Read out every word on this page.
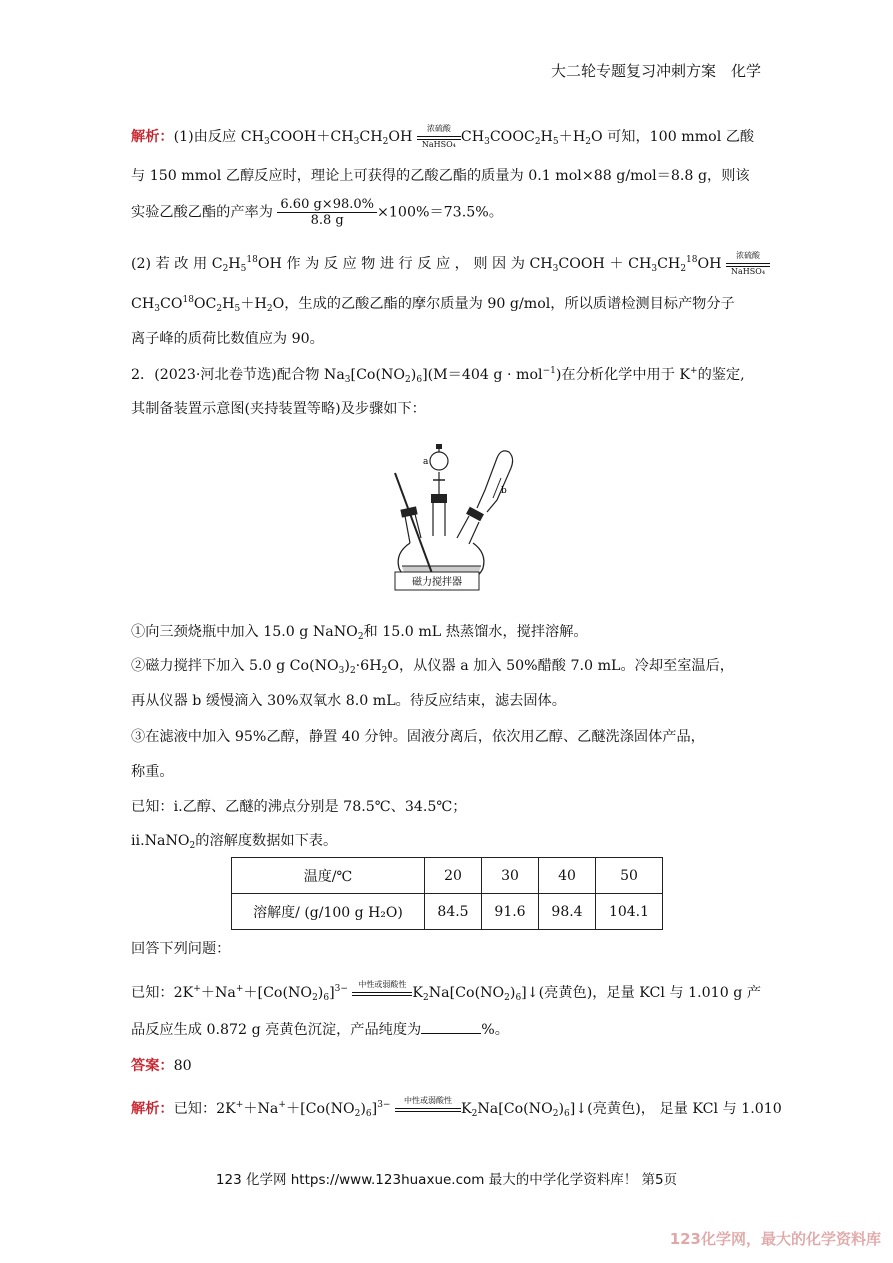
大二轮专题复习冲刺方案　化学
解析：(1)由反应 $CH_3COOH+CH_3CH_2OH$
浓硫酸
NaHSO₄ $CH_3COOC_2H_5+H_2O$ 可知，100 mmol 乙酸
与 150 mmol 乙醇反应时，理论上可获得的乙酸乙酯的质量为 0.1 mol×88 g/mol＝8.8 g，则该
实验乙酸乙酯的产率为 $\frac{6.60 g\times 98.0\%}{8.8 g} \times 100\%=73.5\%$。
(2) 若 改 用 $C_2H_5^{18}OH$ 作 为 反 应 物 进 行 反 应 ， 则 因 为 $CH_3COOH + CH_3CH_2^{18}OH$
浓硫酸
NaHSO₄
$CH_3CO^{18}OC_2H_5+H_2O$，生成的乙酸乙酯的摩尔质量为 90 g/mol，所以质谱检测目标产物分子
离子峰的质荷比数值应为 90。
2．(2023·河北卷节选)配合物 $Na_3[Co(NO_2)_6](M=404$ g · mol$^{-1}$)在分析化学中用于 K+的鉴定,
其制备装置示意图(夹持装置等略)及步骤如下：
a
b
磁力搅拌器
①向三颈烧瓶中加入 15.0 g NaNO$_2$和 15.0 mL 热蒸馏水，搅拌溶解。
②磁力搅拌下加入 5.0 g $Co(NO_3)_2\cdot 6H_2O$，从仪器 a 加入 50%醋酸 7.0 mL。冷却至室温后，
再从仪器 b 缓慢滴入 30%双氧水 8.0 mL。待反应结束，滤去固体。
③在滤液中加入 95%乙醇，静置 40 分钟。固液分离后，依次用乙醇、乙醚洗涤固体产品，
称重。
已知：ⅰ.乙醇、乙醚的沸点分别是 78.5℃、34.5℃；
ⅱ.NaNO$_2$的溶解度数据如下表。
温度/℃	20	30	40	50
溶解度/ (g/100 g H₂O)	84.5	91.6	98.4	104.1
回答下列问题：
已知：$2K^++Na^++[Co(NO_2)_6]^{3-}$	中性或弱酸性
$K_2Na[Co(NO_2)_6]↓$(亮黄色)，足量 KCl 与 1.010 g 产
品反应生成 0.872 g 亮黄色沉淀，产品纯度为	%。
答案：80
解析：已知：$2K^++Na^++[Co(NO_2)_6]^{3-}$	中性或弱酸性
$K_2Na[Co(NO_2)_6]↓$(亮黄色)， 足量 KCl 与 1.010
123 化学网 https://www.123huaxue.com 最大的中学化学资料库！ 第5页
123化学网，最大的化学资料库
